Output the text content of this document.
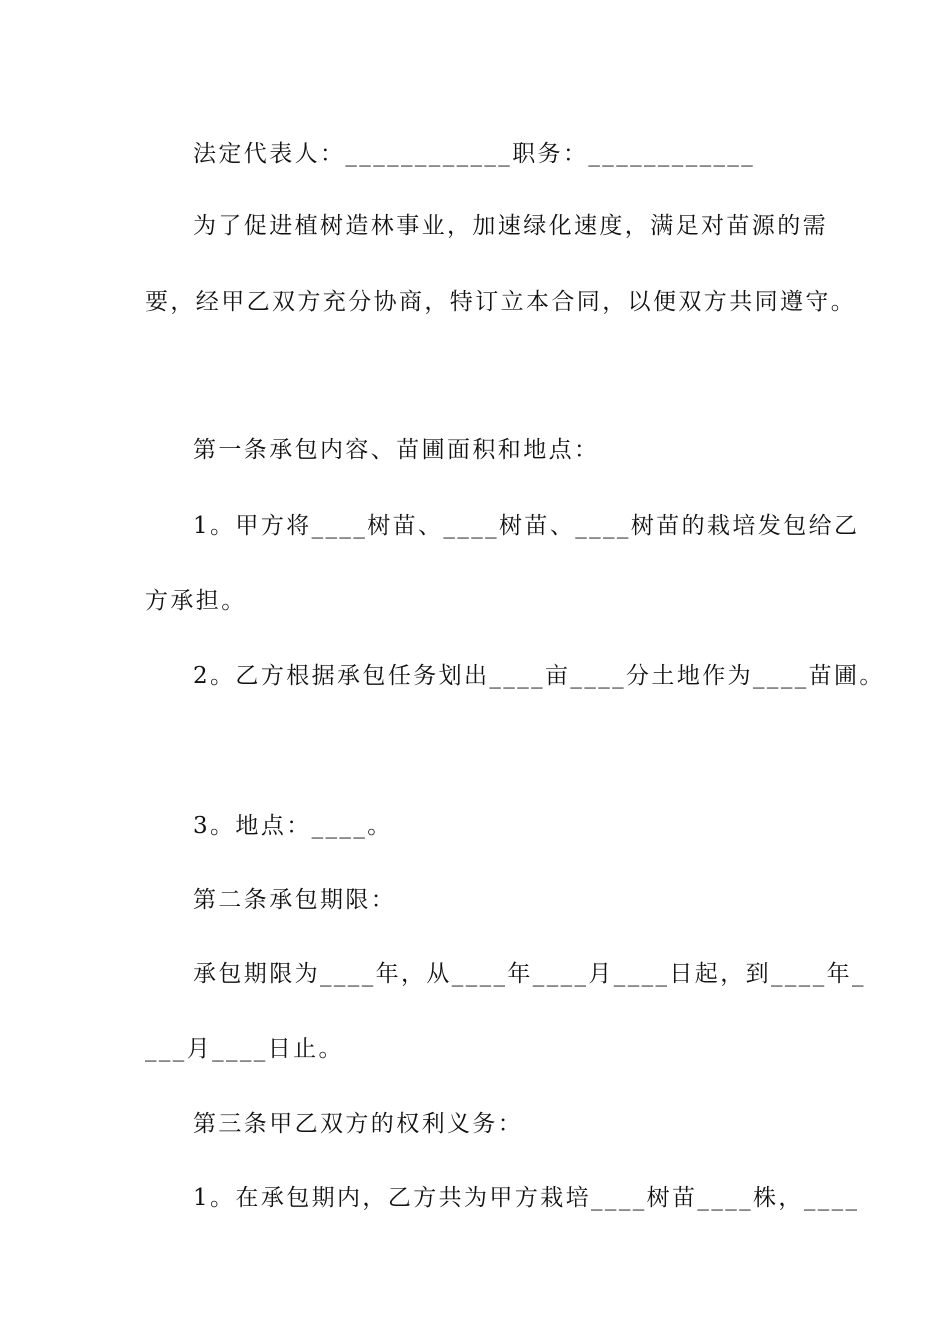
法定代表人：____________职务：____________
为了促进植树造林事业，加速绿化速度，满足对苗源的需
要，经甲乙双方充分协商，特订立本合同，以便双方共同遵守。
第一条承包内容、苗圃面积和地点：
1。甲方将____树苗、____树苗、____树苗的栽培发包给乙
方承担。
2。乙方根据承包任务划出____亩____分土地作为____苗圃。
3。地点：____。
第二条承包期限：
承包期限为____年，从____年____月____日起，到____年_
___月____日止。
第三条甲乙双方的权利义务：
1。在承包期内，乙方共为甲方栽培____树苗____株，____
